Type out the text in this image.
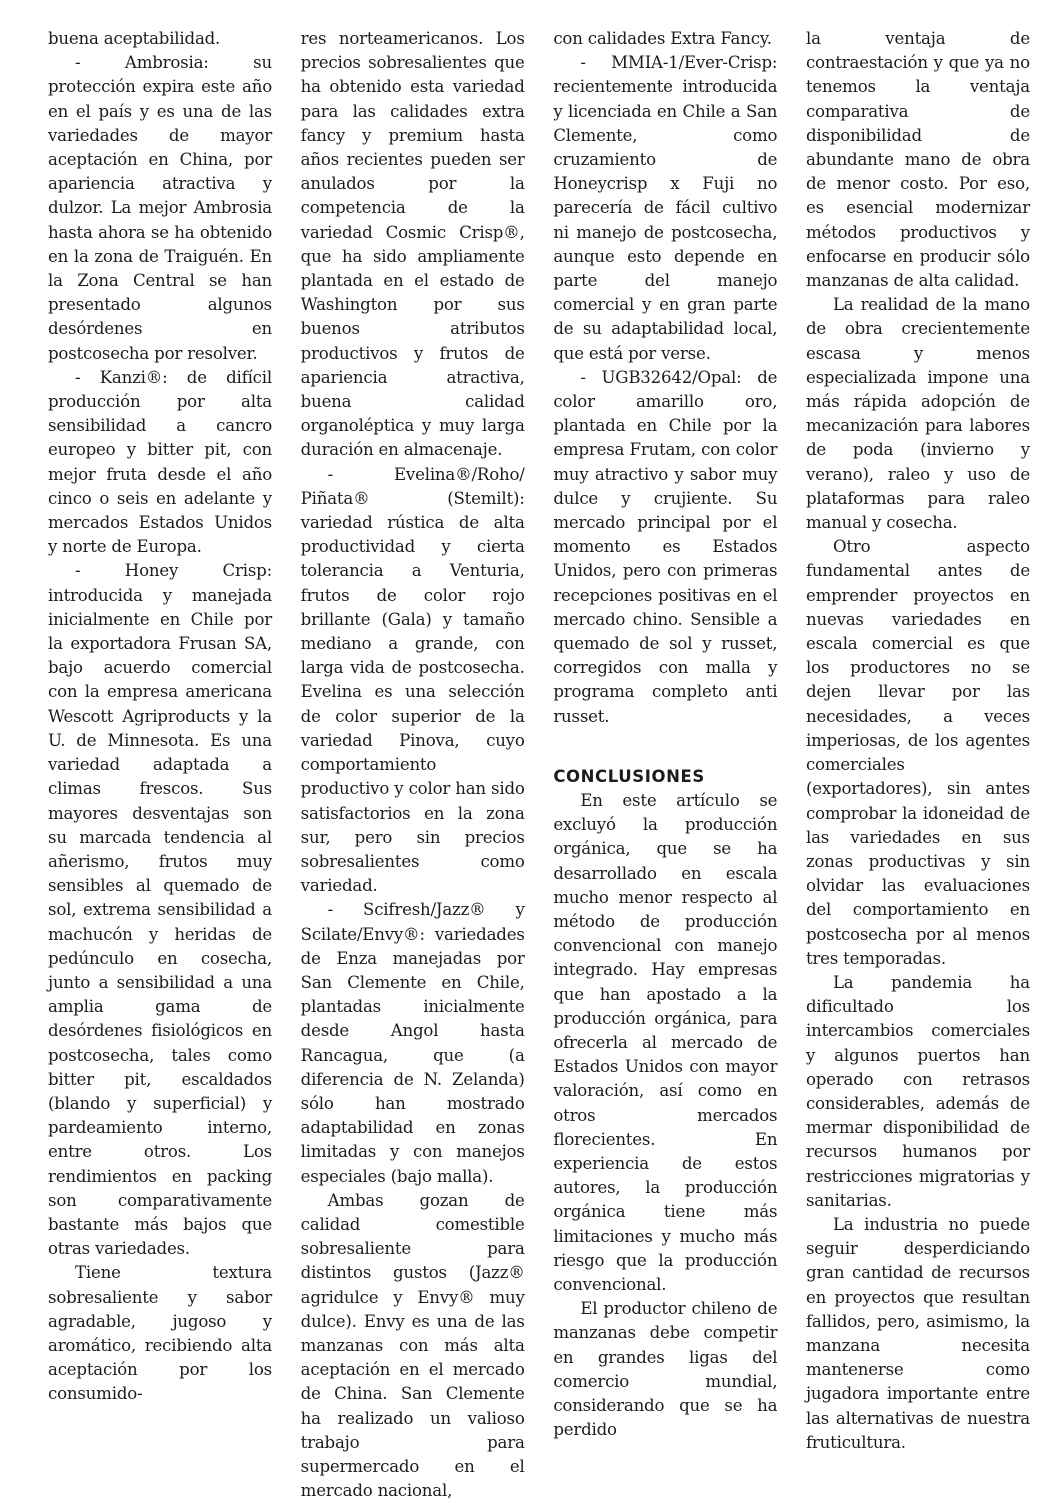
buena aceptabilidad.

- Ambrosia: su protección expira este año en el país y es una de las variedades de mayor aceptación en China, por apariencia atractiva y dulzor. La mejor Ambrosia hasta ahora se ha obtenido en la zona de Traiguén. En la Zona Central se han presentado algunos desórdenes en postcosecha por resolver.

- Kanzi®: de difícil producción por alta sensibilidad a cancro europeo y bitter pit, con mejor fruta desde el año cinco o seis en adelante y mercados Estados Unidos y norte de Europa.

- Honey Crisp: introducida y manejada inicialmente en Chile por la exportadora Frusan SA, bajo acuerdo comercial con la empresa americana Wescott Agriproducts y la U. de Minnesota. Es una variedad adaptada a climas frescos. Sus mayores desventajas son su marcada tendencia al añerismo, frutos muy sensibles al quemado de sol, extrema sensibilidad a machucón y heridas de pedúnculo en cosecha, junto a sensibilidad a una amplia gama de desórdenes fisiológicos en postcosecha, tales como bitter pit, escaldados (blando y superficial) y pardeamiento interno, entre otros. Los rendimientos en packing son comparativamente bastante más bajos que otras variedades.

Tiene textura sobresaliente y sabor agradable, jugoso y aromático, recibiendo alta aceptación por los consumido-

res norteamericanos. Los precios sobresalientes que ha obtenido esta variedad para las calidades extra fancy y premium hasta años recientes pueden ser anulados por la competencia de la variedad Cosmic Crisp®, que ha sido ampliamente plantada en el estado de Washington por sus buenos atributos productivos y frutos de apariencia atractiva, buena calidad organoléptica y muy larga duración en almacenaje.

- Evelina®/Roho/ Piñata® (Stemilt): variedad rústica de alta productividad y cierta tolerancia a Venturia, frutos de color rojo brillante (Gala) y tamaño mediano a grande, con larga vida de postcosecha. Evelina es una selección de color superior de la variedad Pinova, cuyo comportamiento productivo y color han sido satisfactorios en la zona sur, pero sin precios sobresalientes como variedad.

- Scifresh/Jazz® y Scilate/Envy®: variedades de Enza manejadas por San Clemente en Chile, plantadas inicialmente desde Angol hasta Rancagua, que (a diferencia de N. Zelanda) sólo han mostrado adaptabilidad en zonas limitadas y con manejos especiales (bajo malla).

Ambas gozan de calidad comestible sobresaliente para distintos gustos (Jazz® agridulce y Envy® muy dulce). Envy es una de las manzanas con más alta aceptación en el mercado de China. San Clemente ha realizado un valioso trabajo para supermercado en el mercado nacional,

con calidades Extra Fancy.

- MMIA-1/Ever-Crisp: recientemente introducida y licenciada en Chile a San Clemente, como cruzamiento de Honeycrisp x Fuji no parecería de fácil cultivo ni manejo de postcosecha, aunque esto depende en parte del manejo comercial y en gran parte de su adaptabilidad local, que está por verse.

- UGB32642/Opal: de color amarillo oro, plantada en Chile por la empresa Frutam, con color muy atractivo y sabor muy dulce y crujiente. Su mercado principal por el momento es Estados Unidos, pero con primeras recepciones positivas en el mercado chino. Sensible a quemado de sol y russet, corregidos con malla y programa completo anti russet.

CONCLUSIONES

En este artículo se excluyó la producción orgánica, que se ha desarrollado en escala mucho menor respecto al método de producción convencional con manejo integrado. Hay empresas que han apostado a la producción orgánica, para ofrecerla al mercado de Estados Unidos con mayor valoración, así como en otros mercados florecientes. En experiencia de estos autores, la producción orgánica tiene más limitaciones y mucho más riesgo que la producción convencional.

El productor chileno de manzanas debe competir en grandes ligas del comercio mundial, considerando que se ha perdido

la ventaja de contraestación y que ya no tenemos la ventaja comparativa de disponibilidad de abundante mano de obra de menor costo. Por eso, es esencial modernizar métodos productivos y enfocarse en producir sólo manzanas de alta calidad.

La realidad de la mano de obra crecientemente escasa y menos especializada impone una más rápida adopción de mecanización para labores de poda (invierno y verano), raleo y uso de plataformas para raleo manual y cosecha.

Otro aspecto fundamental antes de emprender proyectos en nuevas variedades en escala comercial es que los productores no se dejen llevar por las necesidades, a veces imperiosas, de los agentes comerciales (exportadores), sin antes comprobar la idoneidad de las variedades en sus zonas productivas y sin olvidar las evaluaciones del comportamiento en postcosecha por al menos tres temporadas.

La pandemia ha dificultado los intercambios comerciales y algunos puertos han operado con retrasos considerables, además de mermar disponibilidad de recursos humanos por restricciones migratorias y sanitarias.

La industria no puede seguir desperdiciando gran cantidad de recursos en proyectos que resultan fallidos, pero, asimismo, la manzana necesita mantenerse como jugadora importante entre las alternativas de nuestra fruticultura.
